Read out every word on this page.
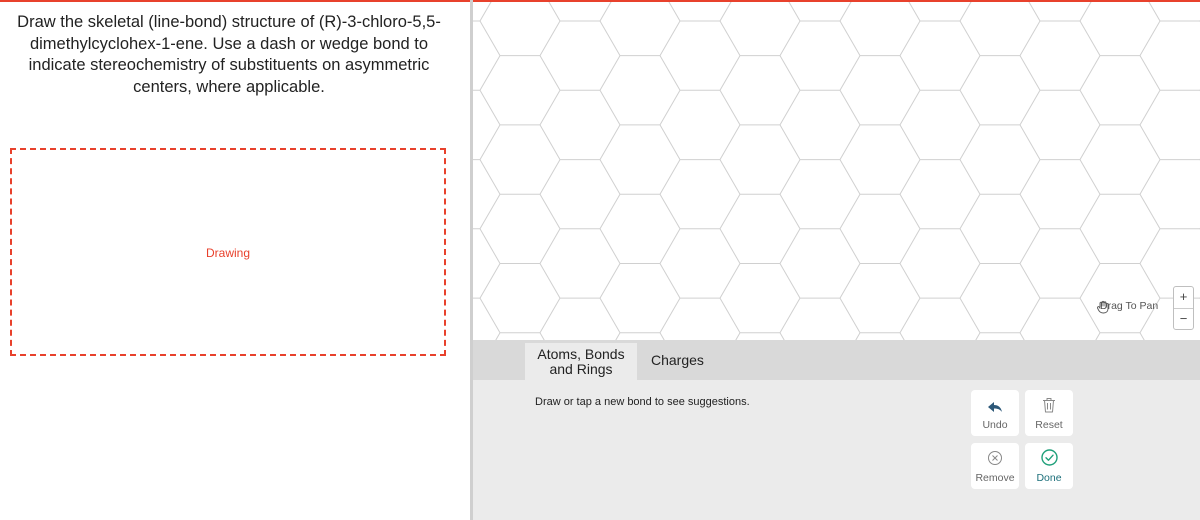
Draw the skeletal (line-bond) structure of (R)-3-chloro-5,5-dimethylcyclohex-1-ene. Use a dash or wedge bond to indicate stereochemistry of substituents on asymmetric centers, where applicable.

Drawing
Drag To Pan
+
−
Atoms, Bonds and Rings
Charges
Draw or tap a new bond to see suggestions.
Undo	Reset
Remove	Done
